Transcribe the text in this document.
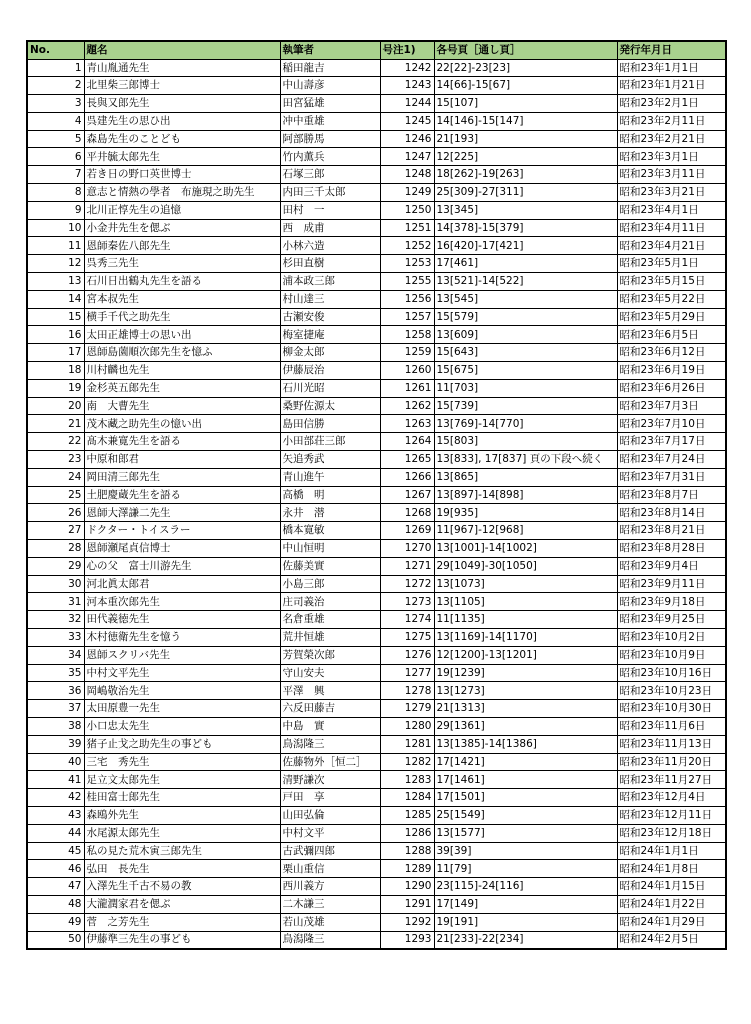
No.	題名	執筆者	号注1)	各号頁［通し頁］	発行年月日
1	青山胤通先生	稲田龍吉	1242	22[22]-23[23]	昭和23年1月1日
2	北里柴三郎博士	中山壽彦	1243	14[66]-15[67]	昭和23年1月21日
3	長與又郎先生	田宮猛雄	1244	15[107]	昭和23年2月1日
4	呉建先生の思ひ出	冲中重雄	1245	14[146]-15[147]	昭和23年2月11日
5	森島先生のことども	阿部勝馬	1246	21[193]	昭和23年2月21日
6	平井毓太郎先生	竹内薫兵	1247	12[225]	昭和23年3月1日
7	若き日の野口英世博士	石塚三郎	1248	18[262]-19[263]	昭和23年3月11日
8	意志と情熱の學者　布施現之助先生	内田三千太郎	1249	25[309]-27[311]	昭和23年3月21日
9	北川正惇先生の追憶	田村　一	1250	13[345]	昭和23年4月1日
10	小金井先生を偲ぶ	西　成甫	1251	14[378]-15[379]	昭和23年4月11日
11	恩師秦佐八郎先生	小林六造	1252	16[420]-17[421]	昭和23年4月21日
12	呉秀三先生	杉田直樹	1253	17[461]	昭和23年5月1日
13	石川日出鶴丸先生を語る	浦本政三郎	1255	13[521]-14[522]	昭和23年5月15日
14	宮本叔先生	村山達三	1256	13[545]	昭和23年5月22日
15	横手千代之助先生	古瀬安俊	1257	15[579]	昭和23年5月29日
16	太田正雄博士の思い出	梅室捷庵	1258	13[609]	昭和23年6月5日
17	恩師島薗順次郎先生を憶ふ	柳金太郎	1259	15[643]	昭和23年6月12日
18	川村麟也先生	伊藤辰治	1260	15[675]	昭和23年6月19日
19	金杉英五郎先生	石川光昭	1261	11[703]	昭和23年6月26日
20	南　大曹先生	桑野佐源太	1262	15[739]	昭和23年7月3日
21	茂木藏之助先生の憶い出	島田信勝	1263	13[769]-14[770]	昭和23年7月10日
22	髙木兼寛先生を語る	小田部荘三郎	1264	15[803]	昭和23年7月17日
23	中原和郎君	矢追秀武	1265	13[833], 17[837] 頁の下段へ続く	昭和23年7月24日
24	岡田清三郎先生	青山進午	1266	13[865]	昭和23年7月31日
25	土肥慶蔵先生を語る	高橋　明	1267	13[897]-14[898]	昭和23年8月7日
26	恩師大澤謙二先生	永井　潜	1268	19[935]	昭和23年8月14日
27	ドクター・トイスラー	橋本寛敏	1269	11[967]-12[968]	昭和23年8月21日
28	恩師瀬尾貞信博士	中山恒明	1270	13[1001]-14[1002]	昭和23年8月28日
29	心の父　富士川游先生	佐藤美實	1271	29[1049]-30[1050]	昭和23年9月4日
30	河北眞太郎君	小島三郎	1272	13[1073]	昭和23年9月11日
31	河本重次郎先生	庄司義治	1273	13[1105]	昭和23年9月18日
32	田代義徳先生	名倉重雄	1274	11[1135]	昭和23年9月25日
33	木村徳衛先生を憶う	荒井恒雄	1275	13[1169]-14[1170]	昭和23年10月2日
34	恩師スクリバ先生	芳賀榮次郎	1276	12[1200]-13[1201]	昭和23年10月9日
35	中村文平先生	守山安夫	1277	19[1239]	昭和23年10月16日
36	岡嶋敬治先生	平澤　興	1278	13[1273]	昭和23年10月23日
37	太田原豊一先生	六反田藤吉	1279	21[1313]	昭和23年10月30日
38	小口忠太先生	中島　實	1280	29[1361]	昭和23年11月6日
39	猪子止戈之助先生の事ども	鳥潟隆三	1281	13[1385]-14[1386]	昭和23年11月13日
40	三宅　秀先生	佐藤物外［恒二］	1282	17[1421]	昭和23年11月20日
41	足立文太郎先生	清野謙次	1283	17[1461]	昭和23年11月27日
42	桂田富士郎先生	戸田　享	1284	17[1501]	昭和23年12月4日
43	森鴎外先生	山田弘倫	1285	25[1549]	昭和23年12月11日
44	水尾源太郎先生	中村文平	1286	13[1577]	昭和23年12月18日
45	私の見た荒木寅三郎先生	古武彌四郎	1288	39[39]	昭和24年1月1日
46	弘田　長先生	栗山重信	1289	11[79]	昭和24年1月8日
47	入澤先生千古不易の教	西川義方	1290	23[115]-24[116]	昭和24年1月15日
48	大瀧潤家君を偲ぶ	二木謙三	1291	17[149]	昭和24年1月22日
49	菅　之芳先生	若山茂雄	1292	19[191]	昭和24年1月29日
50	伊藤準三先生の事ども	鳥潟隆三	1293	21[233]-22[234]	昭和24年2月5日
